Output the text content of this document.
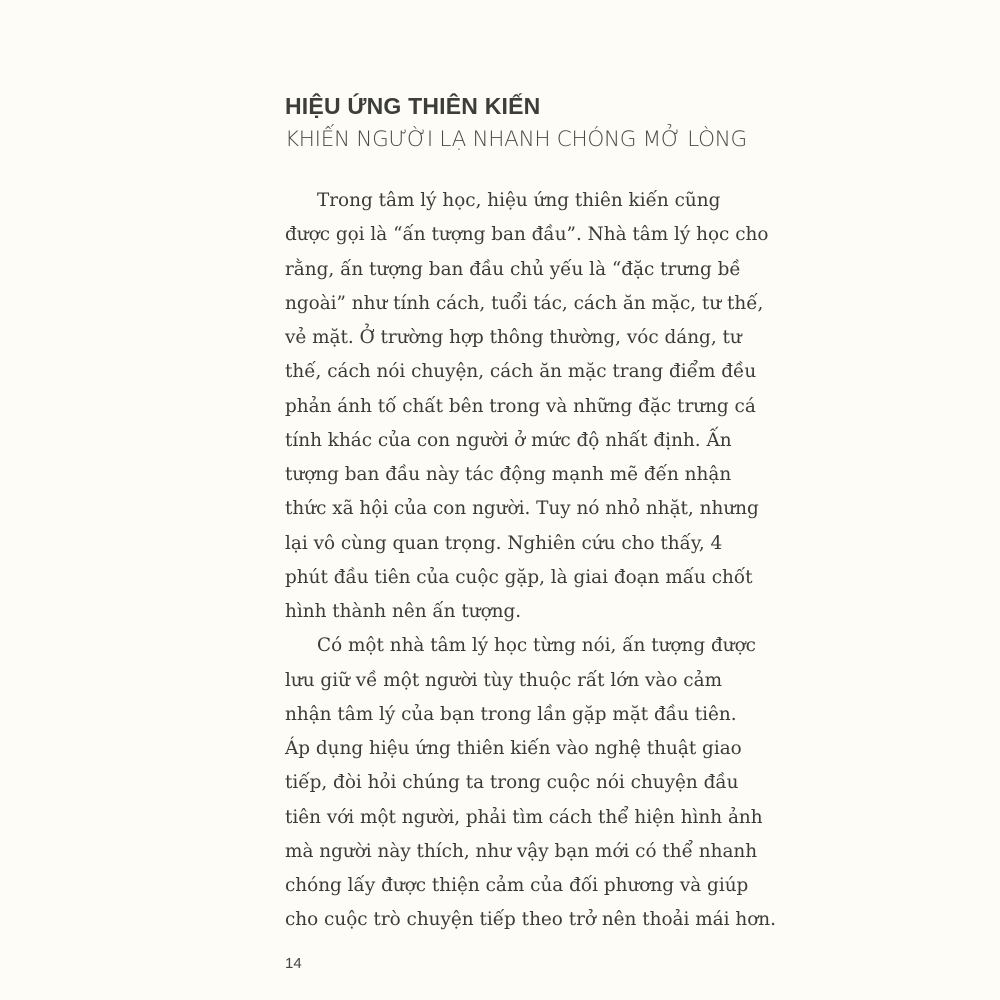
HIỆU ỨNG THIÊN KIẾN
KHIẾN NGƯỜI LẠ NHANH CHÓNG MỞ LÒNG
Trong tâm lý học, hiệu ứng thiên kiến cũng
được gọi là “ấn tượng ban đầu”. Nhà tâm lý học cho
rằng, ấn tượng ban đầu chủ yếu là “đặc trưng bề
ngoài” như tính cách, tuổi tác, cách ăn mặc, tư thế,
vẻ mặt. Ở trường hợp thông thường, vóc dáng, tư
thế, cách nói chuyện, cách ăn mặc trang điểm đều
phản ánh tố chất bên trong và những đặc trưng cá
tính khác của con người ở mức độ nhất định. Ấn
tượng ban đầu này tác động mạnh mẽ đến nhận
thức xã hội của con người. Tuy nó nhỏ nhặt, nhưng
lại vô cùng quan trọng. Nghiên cứu cho thấy, 4
phút đầu tiên của cuộc gặp, là giai đoạn mấu chốt
hình thành nên ấn tượng.
Có một nhà tâm lý học từng nói, ấn tượng được
lưu giữ về một người tùy thuộc rất lớn vào cảm
nhận tâm lý của bạn trong lần gặp mặt đầu tiên.
Áp dụng hiệu ứng thiên kiến vào nghệ thuật giao
tiếp, đòi hỏi chúng ta trong cuộc nói chuyện đầu
tiên với một người, phải tìm cách thể hiện hình ảnh
mà người này thích, như vậy bạn mới có thể nhanh
chóng lấy được thiện cảm của đối phương và giúp
cho cuộc trò chuyện tiếp theo trở nên thoải mái hơn.
14
